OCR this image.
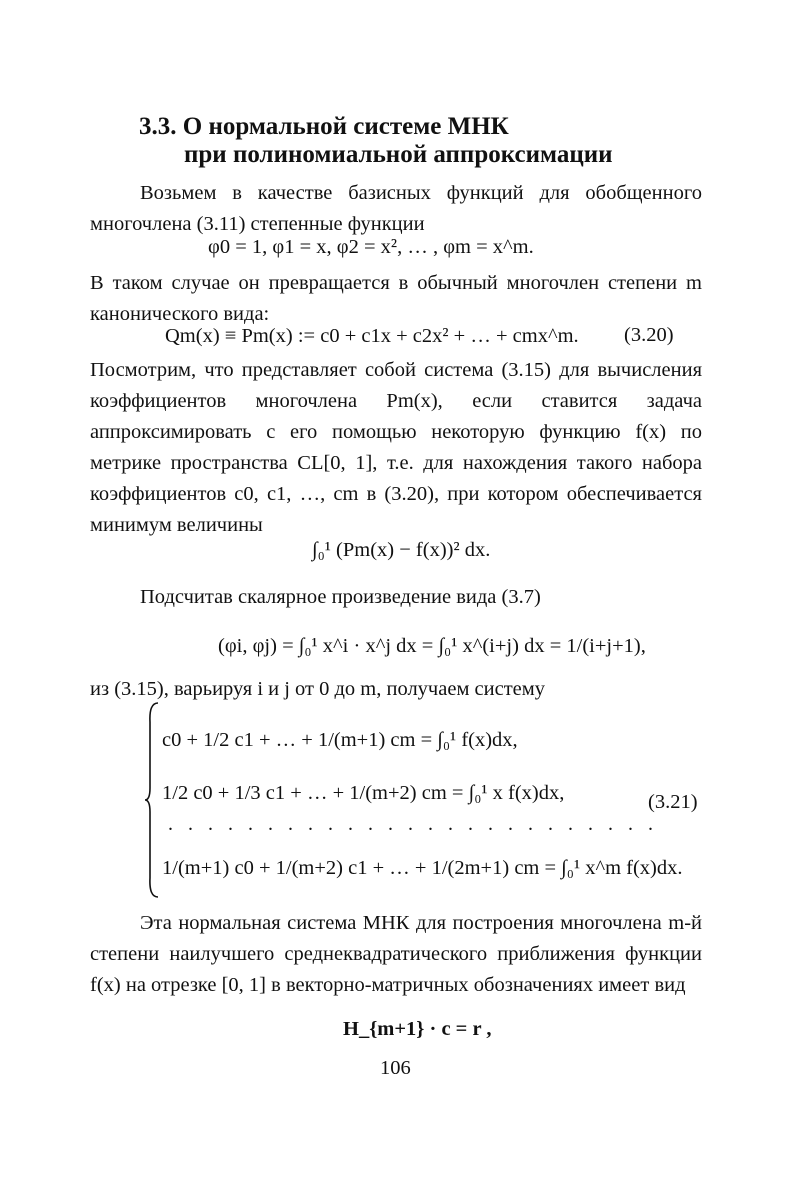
3.3. О нормальной системе МНК
при полиномиальной аппроксимации
Возьмем в качестве базисных функций для обобщенного многочлена (3.11) степенные функции
φ0 = 1, φ1 = x, φ2 = x², … , φm = x^m.
В таком случае он превращается в обычный многочлен степени m канонического вида:
Qm(x) ≡ Pm(x) := c0 + c1x + c2x² + … + cmx^m. (3.20)
Посмотрим, что представляет собой система (3.15) для вычисления коэффициентов многочлена Pm(x), если ставится задача аппроксимировать с его помощью некоторую функцию f(x) по метрике пространства CL[0, 1], т.е. для нахождения такого набора коэффициентов c0, c1, …, cm в (3.20), при котором обеспечивается минимум величины
∫₀¹ (Pm(x) − f(x))² dx.
Подсчитав скалярное произведение вида (3.7)
(φi, φj) = ∫₀¹ x^i · x^j dx = ∫₀¹ x^(i+j) dx = 1/(i+j+1),
из (3.15), варьируя i и j от 0 до m, получаем систему
c0 + 1/2 c1 + … + 1/(m+1) cm = ∫₀¹ f(x)dx,
1/2 c0 + 1/3 c1 + … + 1/(m+2) cm = ∫₀¹ x f(x)dx,
. . . . . . . . . . . . . . . . . . . . . . . . .
1/(m+1) c0 + 1/(m+2) c1 + … + 1/(2m+1) cm = ∫₀¹ x^m f(x)dx.
(3.21)
Эта нормальная система МНК для построения многочлена m-й степени наилучшего среднеквадратического приближения функции f(x) на отрезке [0, 1] в векторно-матричных обозначениях имеет вид
H_{m+1} · c = r ,
106
